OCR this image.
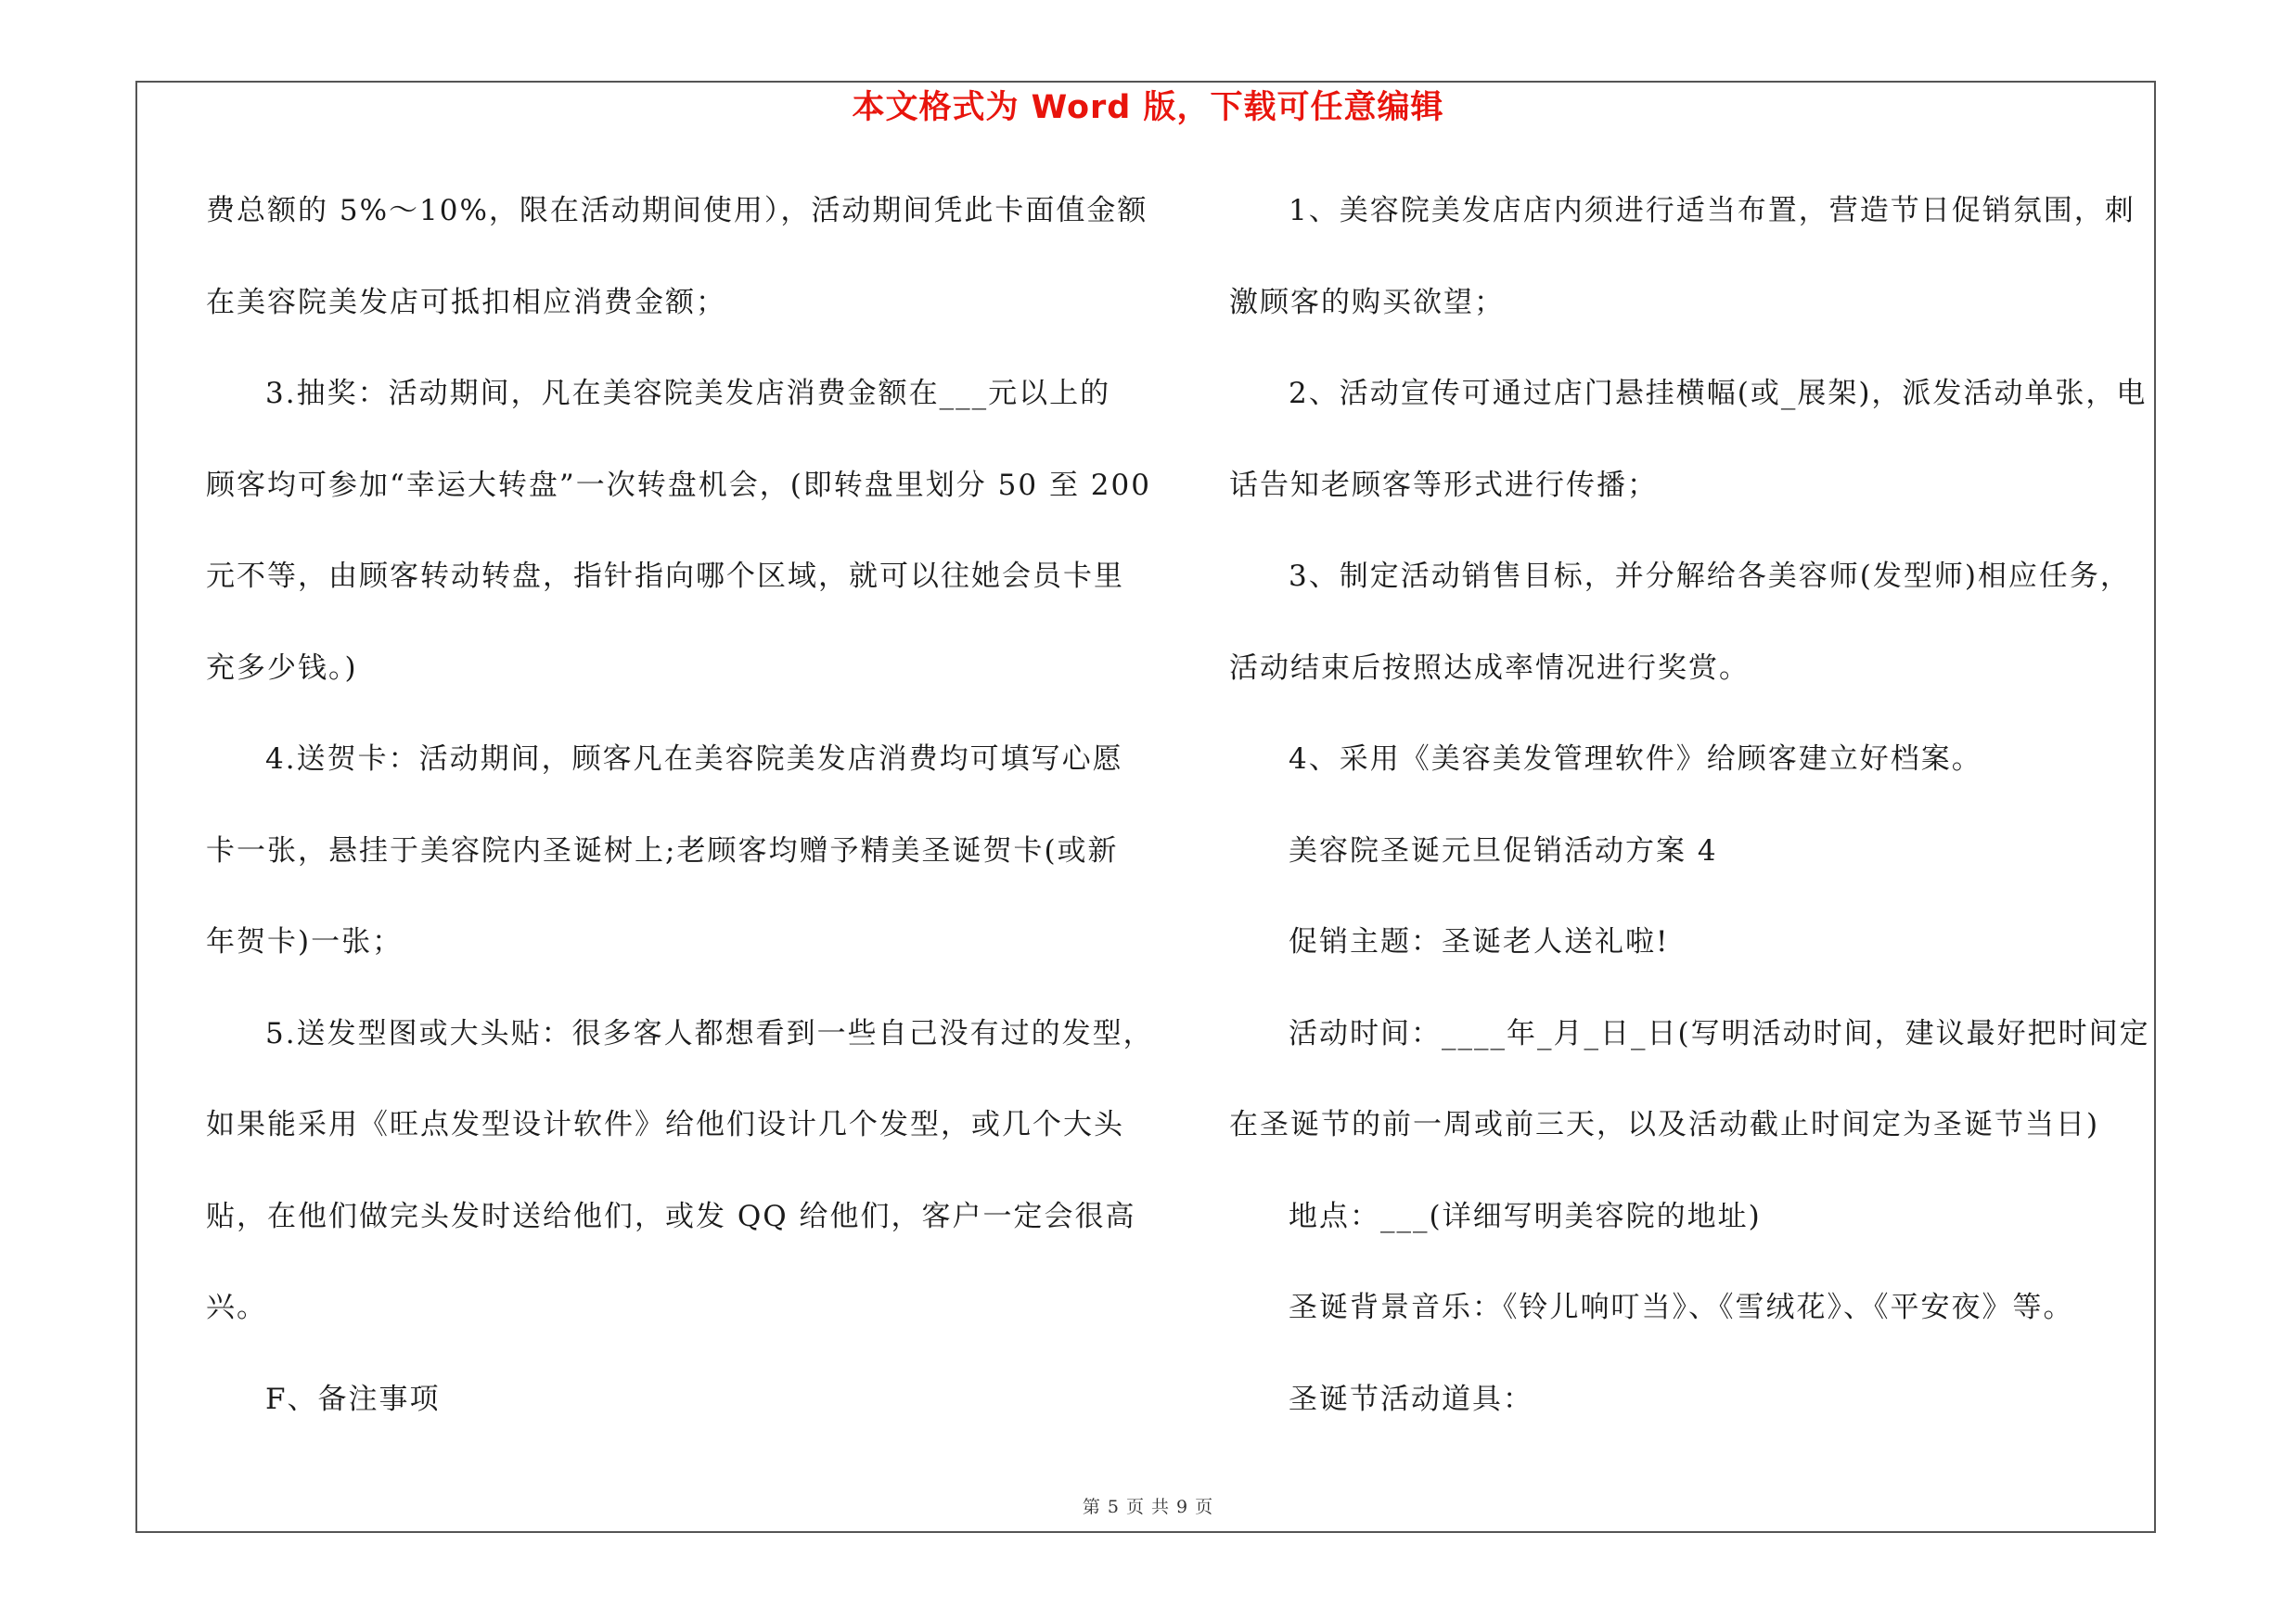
本文格式为 Word 版，下载可任意编辑
费总额的 5%～10%，限在活动期间使用），活动期间凭此卡面值金额
在美容院美发店可抵扣相应消费金额；
3.抽奖：活动期间，凡在美容院美发店消费金额在___元以上的
顾客均可参加“幸运大转盘”一次转盘机会，(即转盘里划分 50 至 200
元不等，由顾客转动转盘，指针指向哪个区域，就可以往她会员卡里
充多少钱。)
4.送贺卡：活动期间，顾客凡在美容院美发店消费均可填写心愿
卡一张，悬挂于美容院内圣诞树上;老顾客均赠予精美圣诞贺卡(或新
年贺卡)一张；
5.送发型图或大头贴：很多客人都想看到一些自己没有过的发型，
如果能采用《旺点发型设计软件》给他们设计几个发型，或几个大头
贴，在他们做完头发时送给他们，或发 QQ 给他们，客户一定会很高
兴。
F、备注事项
1、美容院美发店店内须进行适当布置，营造节日促销氛围，刺
激顾客的购买欲望；
2、活动宣传可通过店门悬挂横幅(或_展架)，派发活动单张，电
话告知老顾客等形式进行传播；
3、制定活动销售目标，并分解给各美容师(发型师)相应任务，
活动结束后按照达成率情况进行奖赏。
4、采用《美容美发管理软件》给顾客建立好档案。
美容院圣诞元旦促销活动方案 4
促销主题：圣诞老人送礼啦!
活动时间：____年_月_日_日(写明活动时间，建议最好把时间定
在圣诞节的前一周或前三天，以及活动截止时间定为圣诞节当日)
地点：___(详细写明美容院的地址)
圣诞背景音乐：《铃儿响叮当》、《雪绒花》、《平安夜》等。
圣诞节活动道具：
第 5 页 共 9 页
